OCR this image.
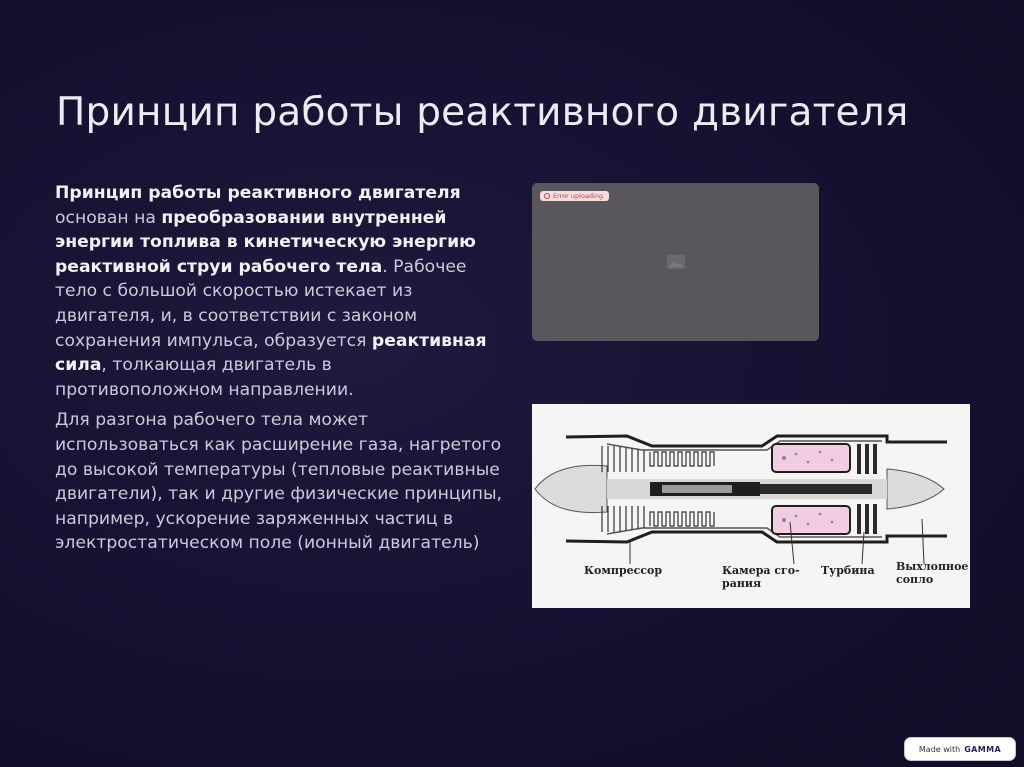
Принцип работы реактивного двигателя

Принцип работы реактивного двигателя основан на преобразовании внутренней энергии топлива в кинетическую энергию реактивной струи рабочего тела. Рабочее тело с большой скоростью истекает из двигателя, и, в соответствии с законом сохранения импульса, образуется реактивная сила, толкающая двигатель в противоположном направлении.

Для разгона рабочего тела может использоваться как расширение газа, нагретого до высокой температуры (тепловые реактивные двигатели), так и другие физические принципы, например, ускорение заряженных частиц в электростатическом поле (ионный двигатель)

Error uploading
Компрессор	Камера сго-
рания
Турбина Выхлопное
сопло
Made with GAMMA
